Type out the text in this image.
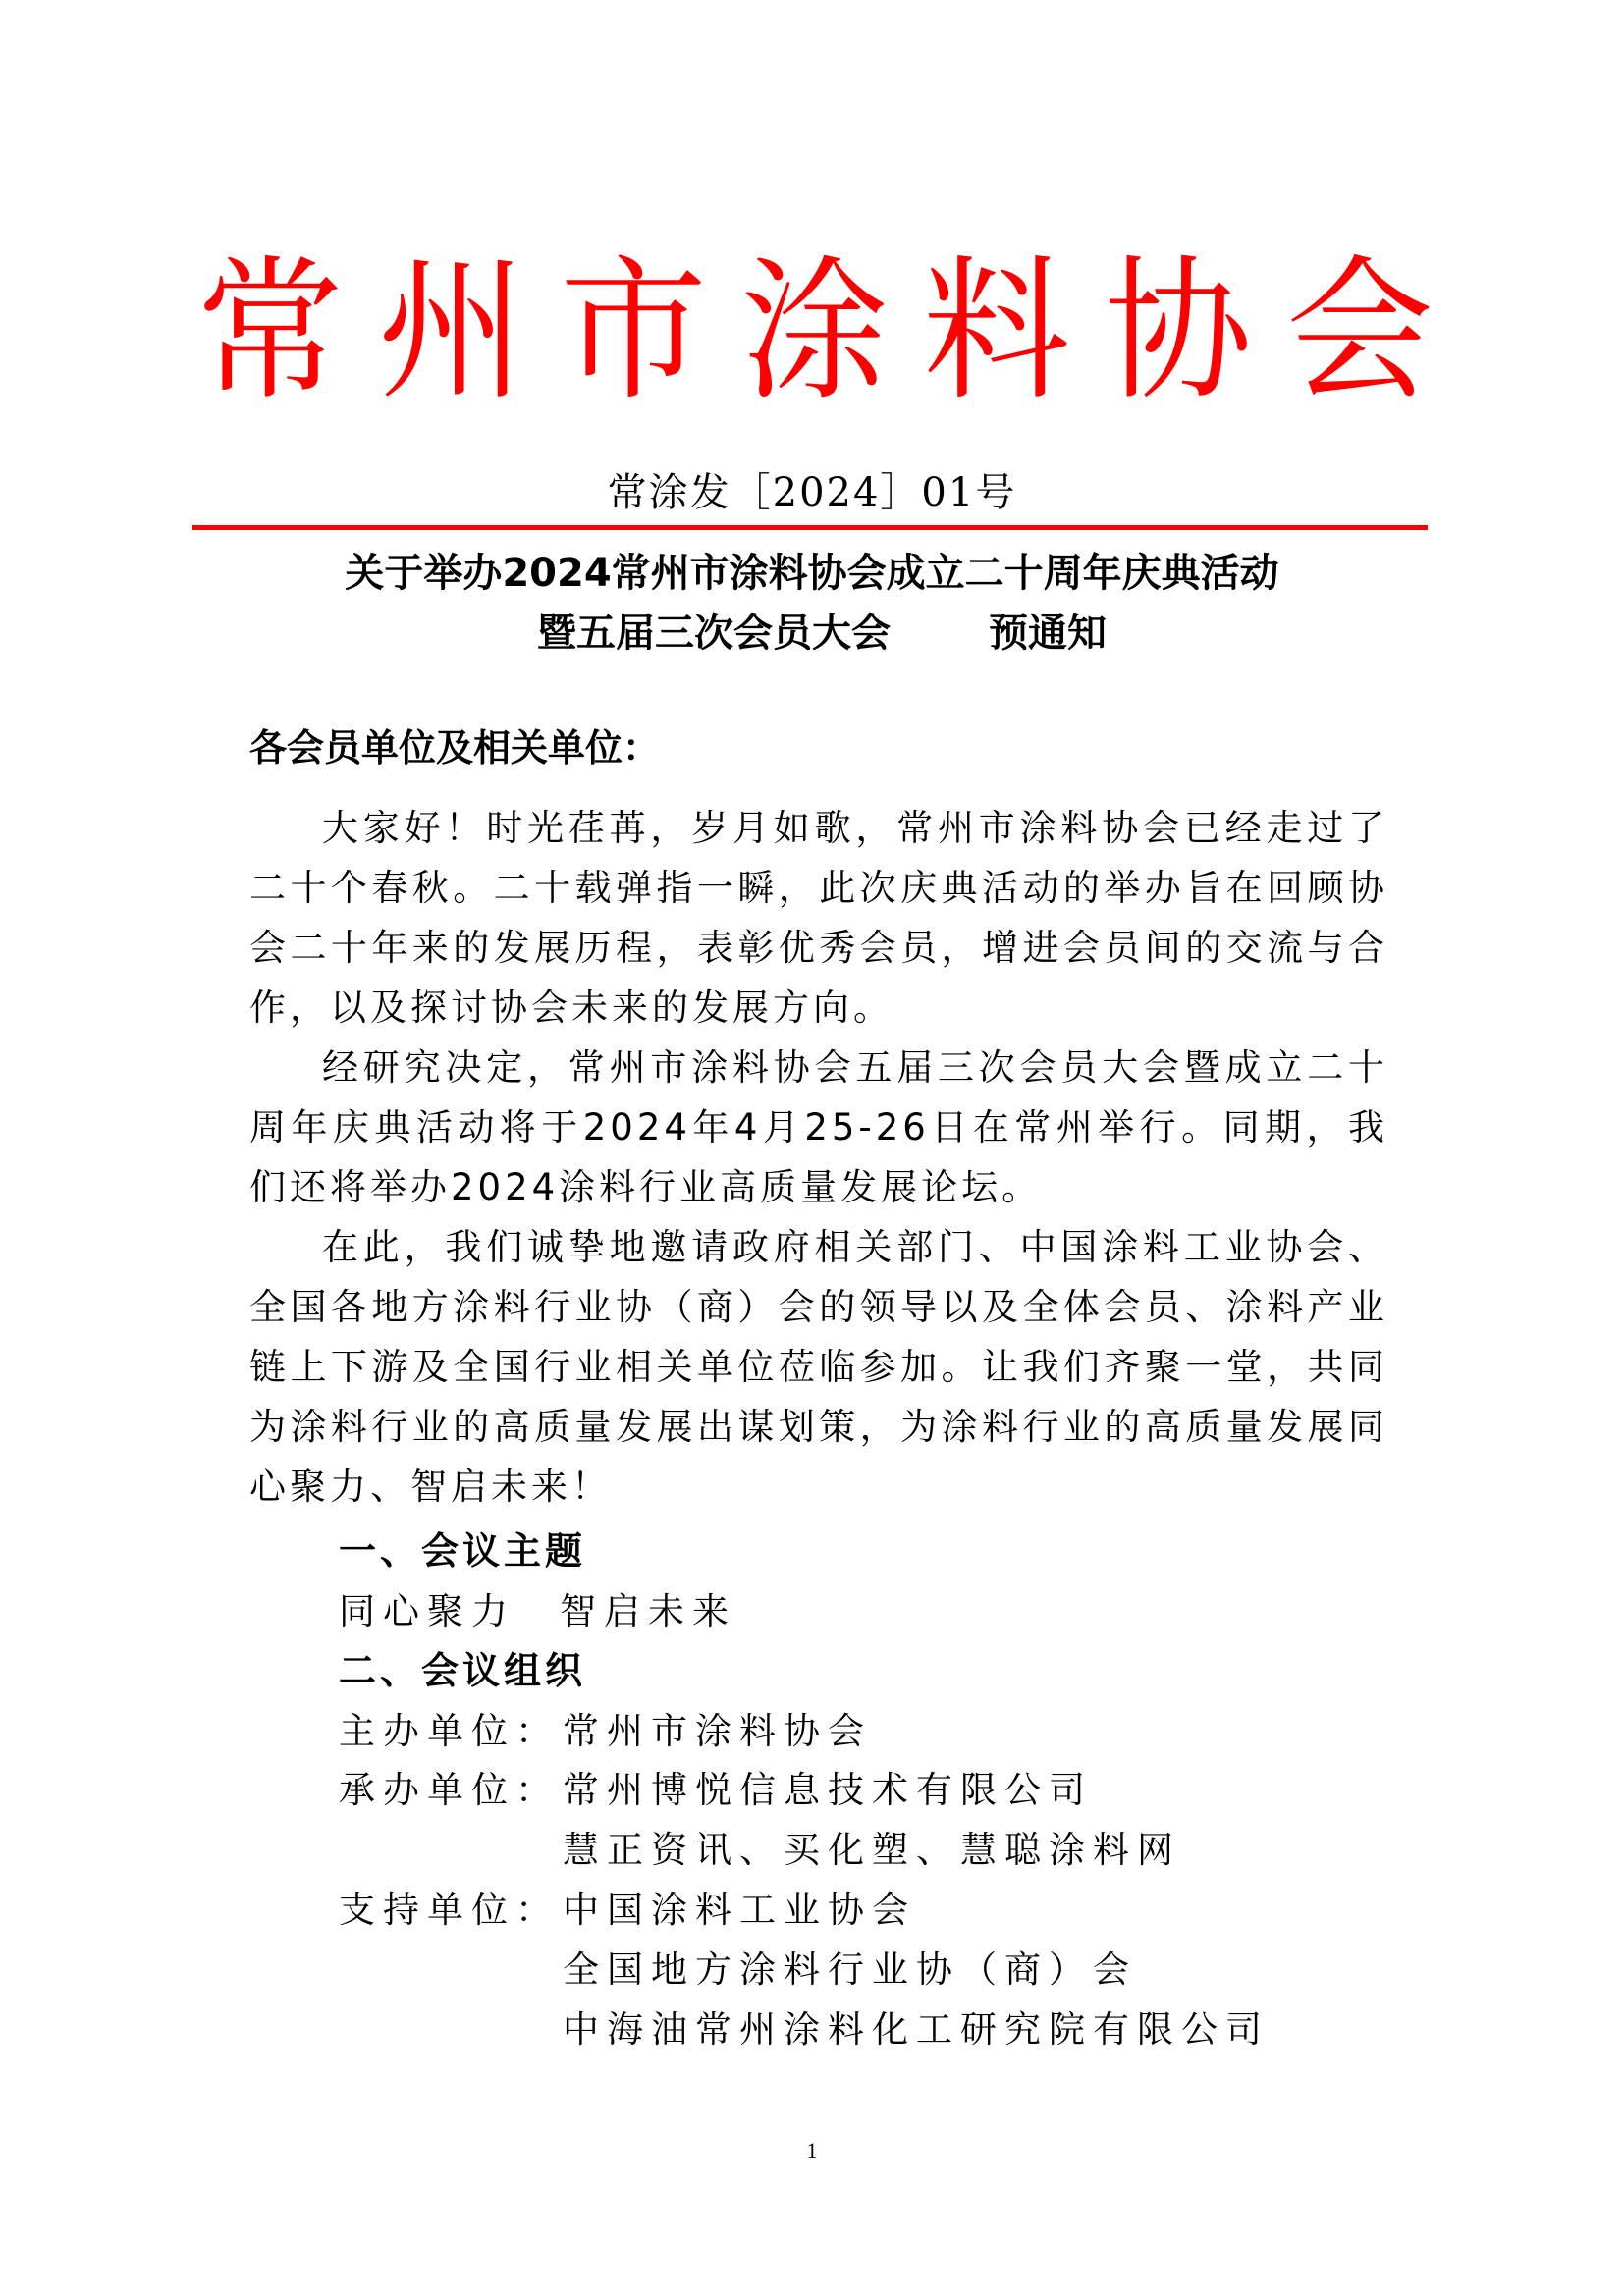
常 州 市 涂 料 协 会
常涂发［2024］01号
关于举办2024常州市涂料协会成立二十周年庆典活动
暨五届三次会员大会	预通知
各会员单位及相关单位：

大家好！时光荏苒，岁月如歌，常州市涂料协会已经走过了二十个春秋。二十载弹指一瞬，此次庆典活动的举办旨在回顾协会二十年来的发展历程，表彰优秀会员，增进会员间的交流与合作，以及探讨协会未来的发展方向。

经研究决定，常州市涂料协会五届三次会员大会暨成立二十周年庆典活动将于2024年4月25-26日在常州举行。同期，我们还将举办2024涂料行业高质量发展论坛。

在此，我们诚挚地邀请政府相关部门、中国涂料工业协会、全国各地方涂料行业协（商）会的领导以及全体会员、涂料产业链上下游及全国行业相关单位莅临参加。让我们齐聚一堂，共同为涂料行业的高质量发展出谋划策，为涂料行业的高质量发展同心聚力、智启未来！

一、会议主题
同心聚力　智启未来
二、会议组织
主办单位：常州市涂料协会
承办单位：常州博悦信息技术有限公司
慧正资讯、买化塑、慧聪涂料网
支持单位：中国涂料工业协会
全国地方涂料行业协（商）会
中海油常州涂料化工研究院有限公司
1
